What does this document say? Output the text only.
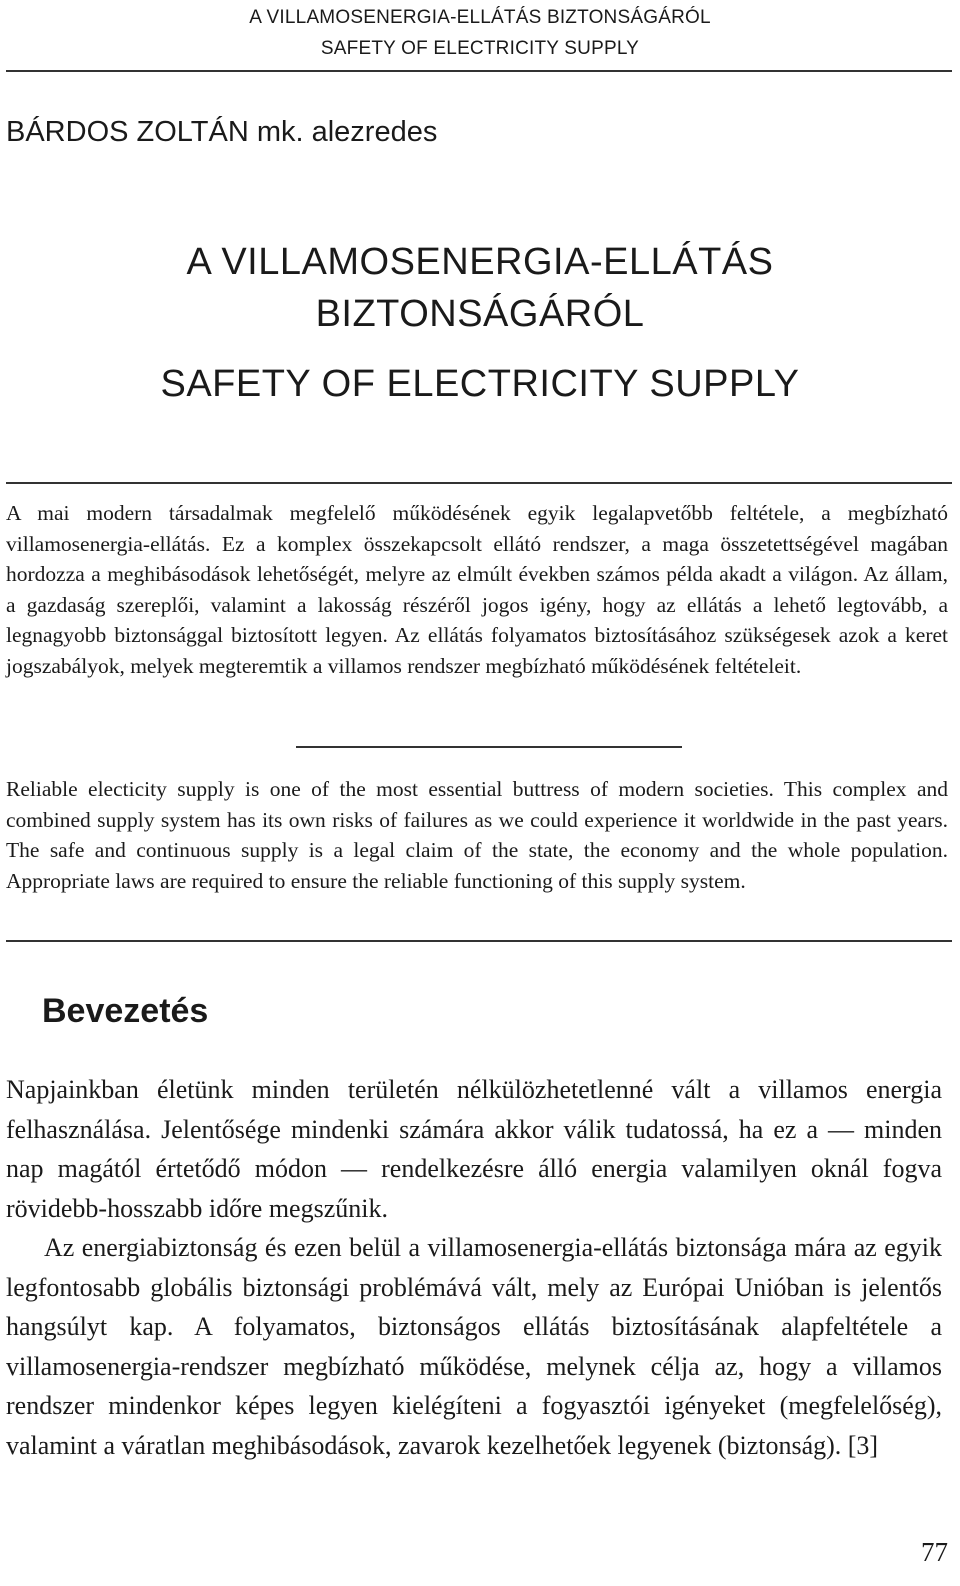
A VILLAMOSENERGIA-ELLÁTÁS BIZTONSÁGÁRÓL
SAFETY OF ELECTRICITY SUPPLY
BÁRDOS ZOLTÁN mk. alezredes
A VILLAMOSENERGIA-ELLÁTÁS
BIZTONSÁGÁRÓL
SAFETY OF ELECTRICITY SUPPLY
A mai modern társadalmak megfelelő működésének egyik legalapvetőbb feltétele, a megbízható villamosenergia-ellátás. Ez a komplex összekapcsolt ellátó rendszer, a maga összetettségével magában hordozza a meghibásodások lehetőségét, melyre az elmúlt években számos példa akadt a világon. Az állam, a gazdaság szereplői, valamint a lakosság részéről jogos igény, hogy az ellátás a lehető legtovább, a legnagyobb biztonsággal biztosított legyen. Az ellátás folyamatos biztosításához szükségesek azok a keret jogszabályok, melyek megteremtik a villamos rendszer megbízható működésének feltételeit.
Reliable electicity supply is one of the most essential buttress of modern societies. This complex and combined supply system has its own risks of failures as we could experience it worldwide in the past years. The safe and continuous supply is a legal claim of the state, the economy and the whole population. Appropriate laws are required to ensure the reliable functioning of this supply system.
Bevezetés

Napjainkban életünk minden területén nélkülözhetetlenné vált a villamos energia felhasználása. Jelentősége mindenki számára akkor válik tudatossá, ha ez a ― minden nap magától értetődő módon ― rendelkezésre álló energia valamilyen oknál fogva rövidebb-hosszabb időre megszűnik.

Az energiabiztonság és ezen belül a villamosenergia-ellátás biztonsága mára az egyik legfontosabb globális biztonsági problémává vált, mely az Európai Unióban is jelentős hangsúlyt kap. A folyamatos, biztonságos ellátás biztosításának alapfeltétele a villamosenergia-rendszer megbízható működése, melynek célja az, hogy a villamos rendszer mindenkor képes legyen kielégíteni a fogyasztói igényeket (megfelelőség), valamint a váratlan meghibásodások, zavarok kezelhetőek legyenek (biztonság). [3]

77
